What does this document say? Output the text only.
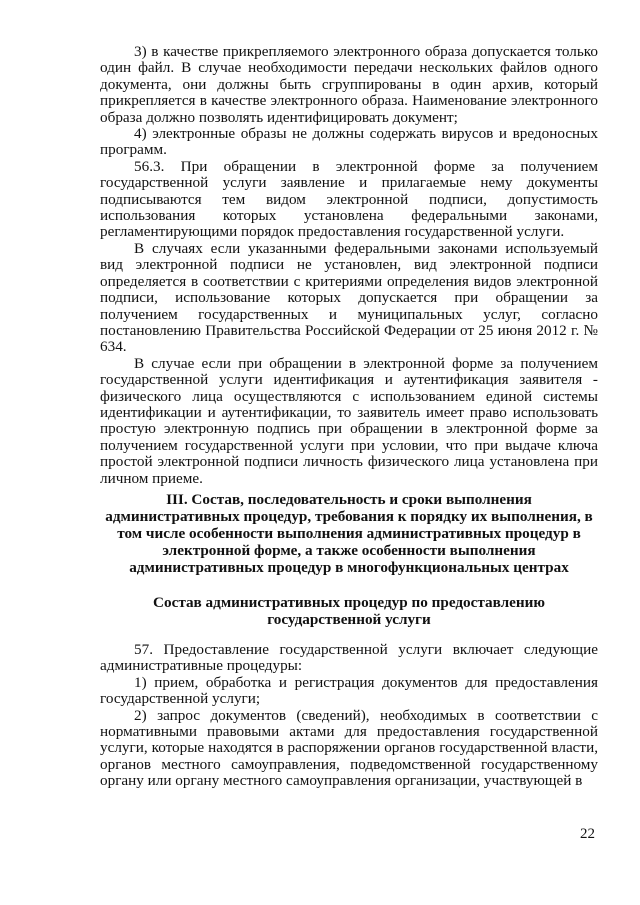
3) в качестве прикрепляемого электронного образа допускается только один файл. В случае необходимости передачи нескольких файлов одного документа, они должны быть сгруппированы в один архив, который прикрепляется в качестве электронного образа. Наименование электронного образа должно позволять идентифицировать документ;

4) электронные образы не должны содержать вирусов и вредоносных программ.

56.3. При обращении в электронной форме за получением государственной услуги заявление и прилагаемые нему документы подписываются тем видом электронной подписи, допустимость использования которых установлена федеральными законами, регламентирующими порядок предоставления государственной услуги.

В случаях если указанными федеральными законами используемый вид электронной подписи не установлен, вид электронной подписи определяется в соответствии с критериями определения видов электронной подписи, использование которых допускается при обращении за получением государственных и муниципальных услуг, согласно постановлению Правительства Российской Федерации от 25 июня 2012 г. № 634.

В случае если при обращении в электронной форме за получением государственной услуги идентификация и аутентификация заявителя - физического лица осуществляются с использованием единой системы идентификации и аутентификации, то заявитель имеет право использовать простую электронную подпись при обращении в электронной форме за получением государственной услуги при условии, что при выдаче ключа простой электронной подписи личность физического лица установлена при личном приеме.

III. Состав, последовательность и сроки выполнения административных процедур, требования к порядку их выполнения, в том числе особенности выполнения административных процедур в электронной форме, а также особенности выполнения административных процедур в многофункциональных центрах

Состав административных процедур по предоставлению государственной услуги

57. Предоставление государственной услуги включает следующие административные процедуры:

1) прием, обработка и регистрация документов для предоставления государственной услуги;

2) запрос документов (сведений), необходимых в соответствии с нормативными правовыми актами для предоставления государственной услуги, которые находятся в распоряжении органов государственной власти, органов местного самоуправления, подведомственной государственному органу или органу местного самоуправления организации, участвующей в

22
